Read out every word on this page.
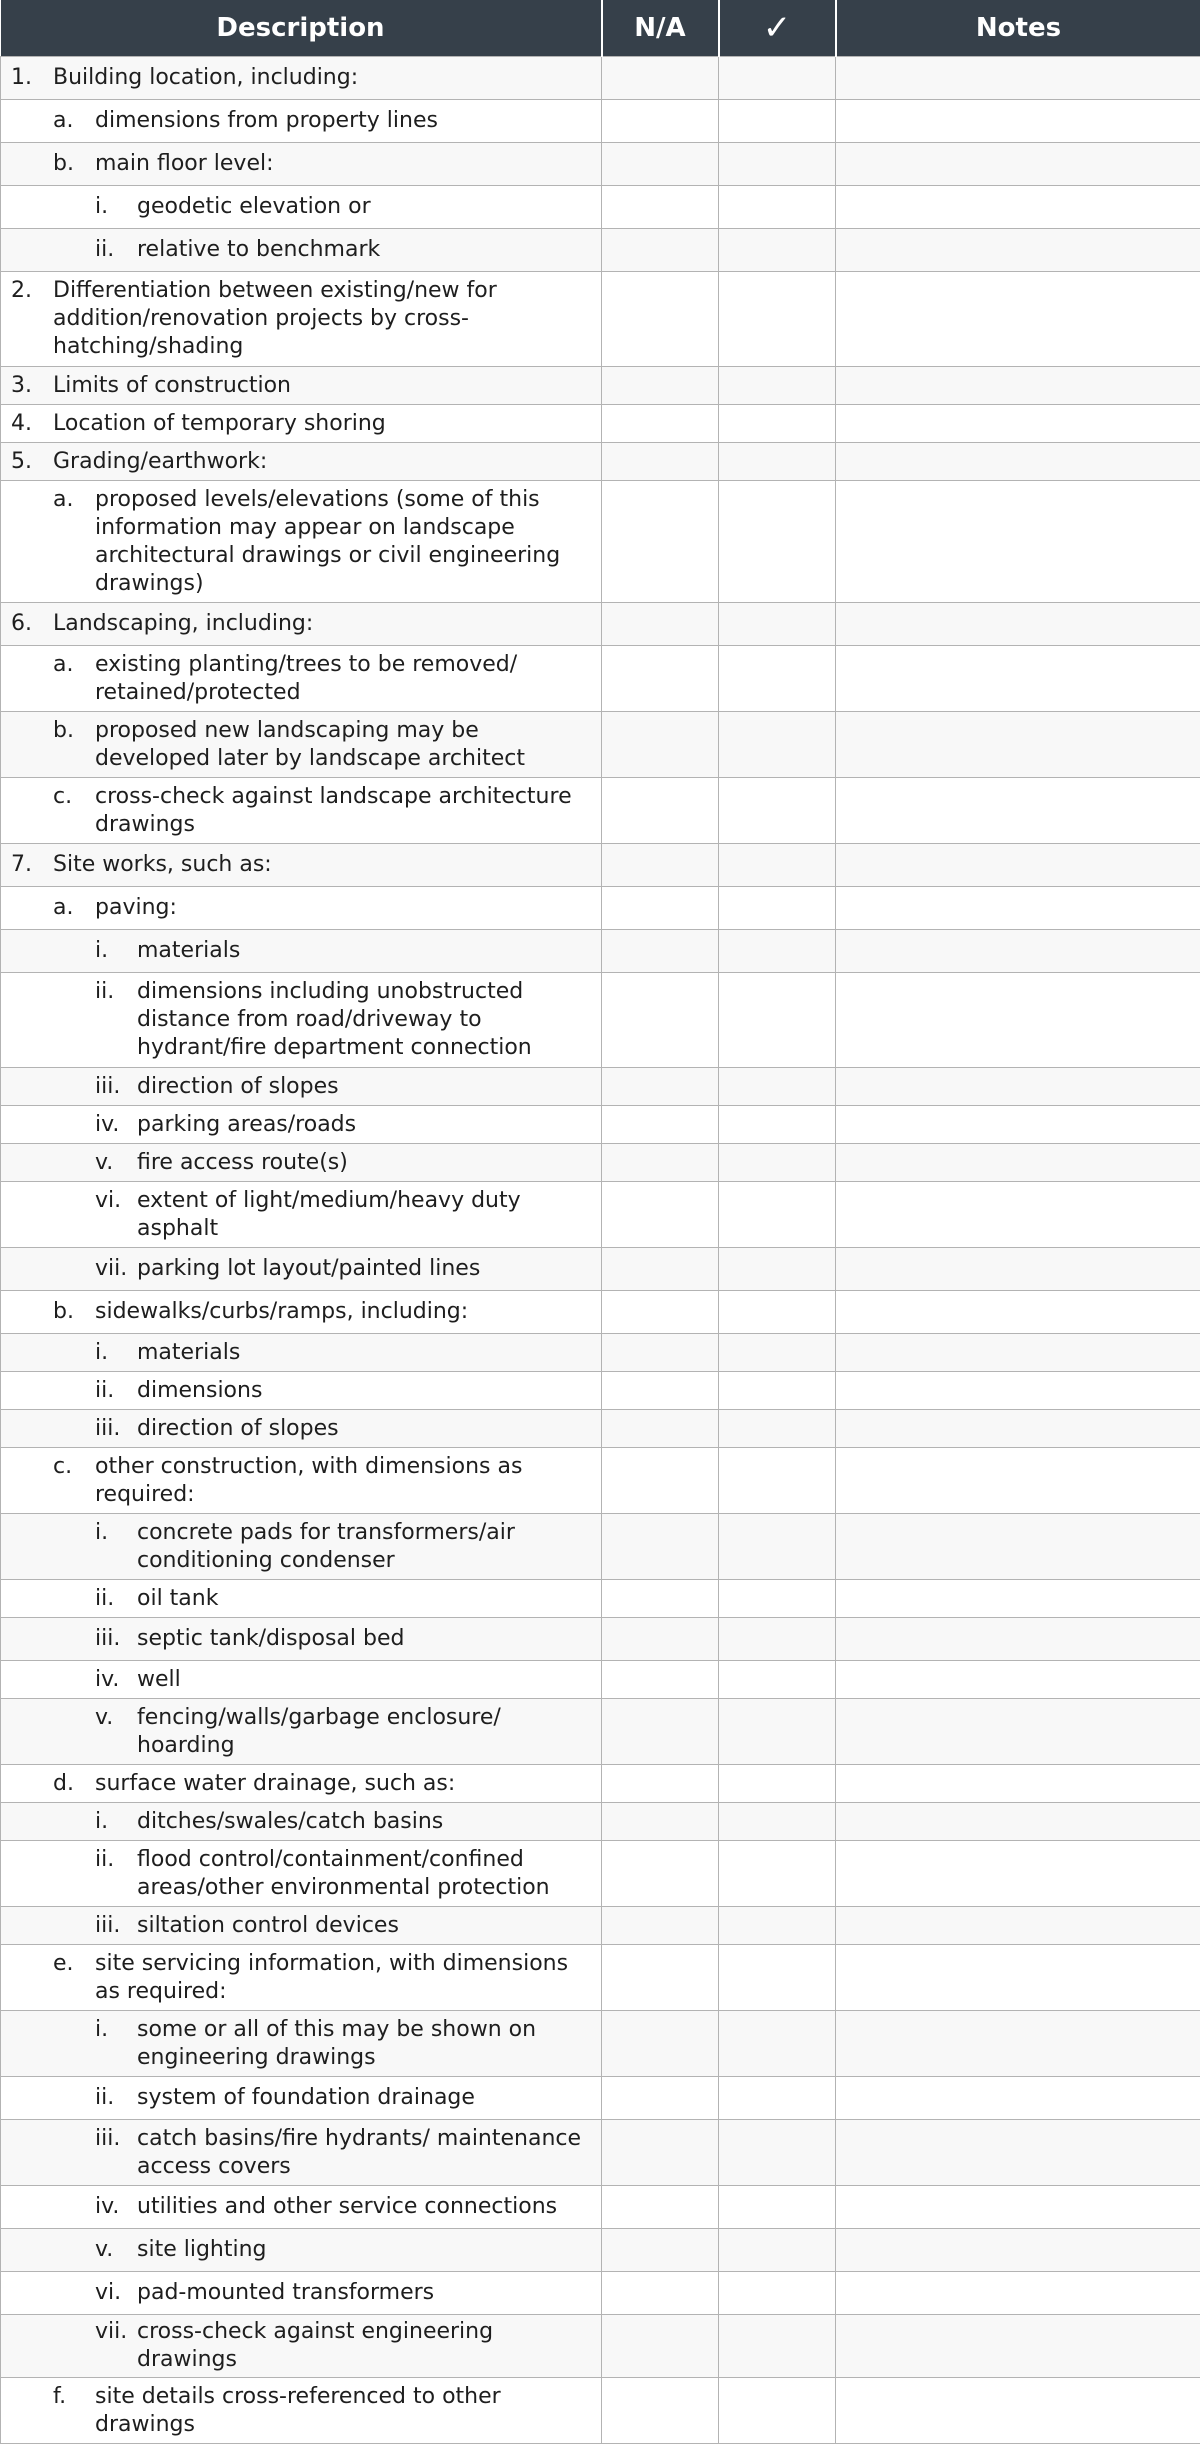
Description	N/A	✓	Notes

1. Building location, including:			

a. dimensions from property lines			

b. main floor level:			

i. geodetic elevation or			

ii. relative to benchmark			

2. Differentiation between existing/new for addition/renovation projects by cross-hatching/shading			

3. Limits of construction			

4. Location of temporary shoring			

5. Grading/earthwork:			

a. proposed levels/elevations (some of this information may appear on landscape architectural drawings or civil engineering drawings)			

6. Landscaping, including:			

a. existing planting/trees to be removed/ retained/protected			

b. proposed new landscaping may be developed later by landscape architect			

c. cross-check against landscape architecture drawings			

7. Site works, such as:			

a. paving:			

i. materials			

ii. dimensions including unobstructed distance from road/driveway to hydrant/fire department connection			

iii. direction of slopes			

iv. parking areas/roads			

v. fire access route(s)			

vi. extent of light/medium/heavy duty asphalt			

vii. parking lot layout/painted lines			

b. sidewalks/curbs/ramps, including:			

i. materials			

ii. dimensions			

iii. direction of slopes			

c. other construction, with dimensions as required:			

i. concrete pads for transformers/air conditioning condenser			

ii. oil tank			

iii. septic tank/disposal bed			

iv. well			

v. fencing/walls/garbage enclosure/ hoarding			

d. surface water drainage, such as:			

i. ditches/swales/catch basins			

ii. flood control/containment/confined areas/other environmental protection			

iii. siltation control devices			

e. site servicing information, with dimensions as required:			

i. some or all of this may be shown on engineering drawings			

ii. system of foundation drainage			

iii. catch basins/fire hydrants/ maintenance access covers			

iv. utilities and other service connections			

v. site lighting			

vi. pad-mounted transformers			

vii. cross-check against engineering drawings			

f. site details cross-referenced to other drawings			
